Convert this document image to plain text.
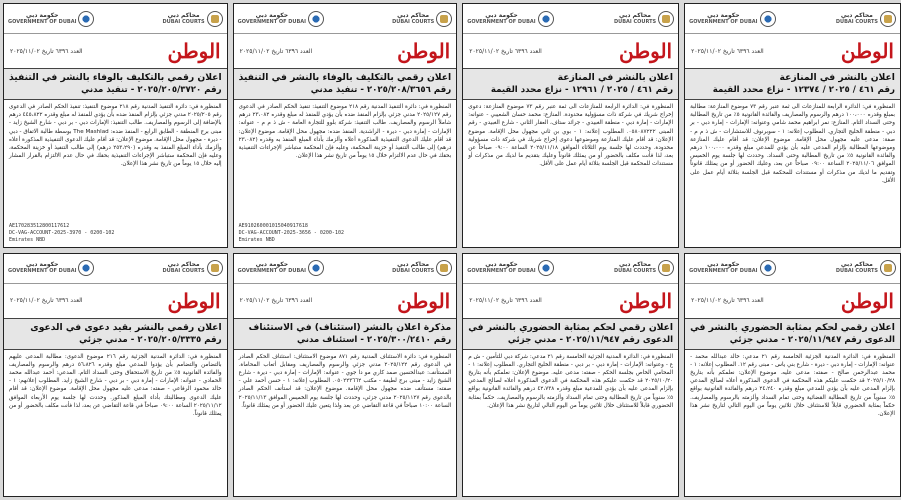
حكومة دبي
GOVERNMENT OF DUBAI
محاكم دبي
DUBAI COURTS
الوطن
العدد ٦٣٩٦ تاريخ ٢٠٢٥/١١/٠٢
اعلان رقمي بالتكليف بالوفاء بالنشر في التنفيذ
رقم ٢٠٢٥/٢٠٥/٣٧٢٠ - تنفيذ مدني
المنظورة في: دائرة التنفيذ المدنية رقم ٢١٨ موضوع التنفيذ: تنفيذ الحكم الصادر في الدعوى رقم ٢٠٢٥/٢٠٥ مدني جزئي بإلزام المنفذ ضده بأن يؤدي للمنفذ له مبلغ وقدره ٤٤٥،٨٢٢ درهم بالإضافة إلى الرسوم والمصاريف. طالب التنفيذ: الإمارات دبي - بر دبي - شارع الشيخ زايد - مبنى برج المنطقة - الطابق الرابع - المنفذ ضده: The Mashlad بوسطة طالبة الاتفاق - دبي - ديرة - مجهول محل الإقامة. موضوع الإعلان: قد أقام عليك الدعوى التنفيذية المذكورة أعلاه وألزمك بأداء المبلغ المنفذ به وقدره (٢٥٣،٢٩٠ درهم) إلى طالب التنفيذ أو خزينة المحكمة، وعليه فإن المحكمة ستباشر الإجراءات التنفيذية بحقك في حال عدم الالتزام بالقرار المشار إليه خلال ١٥ يوماً من تاريخ نشر هذا الإعلان.
AE170283512800117612
DC-VAG-ACCOUNT-2025-3970 - 0200-102
Emirates NBD
حكومة دبي
GOVERNMENT OF DUBAI
محاكم دبي
DUBAI COURTS
الوطن
العدد ٦٣٩٦ تاريخ ٢٠٢٥/١١/٠٢
اعلان رقمي بالتكليف بالوفاء بالنشر في التنفيذ
رقم ٢٠٢٥/٢٠٨/٣٦٥٦ - تنفيذ مدني
المنظورة في: دائرة التنفيذ المدنية رقم ٢١٨ موضوع التنفيذ: تنفيذ الحكم الصادر في الدعوى رقم ٢٠٢٥/١٢٧ مدني جزئي بإلزام المنفذ ضده بأن يؤدي للمنفذ له مبلغ وقدره ٢٣،٠٨٢ درهم شاملاً الرسوم والمصاريف. طالب التنفيذ: شركة بلوو للتجارة العامة - ش ذ م م - عنوانه: الإمارات - إمارة دبي - ديرة - الراشدية. المنفذ ضده: مجهول محل الإقامة. موضوع الإعلان: قد أقام عليك الدعوى التنفيذية المذكورة أعلاه وألزمك بأداء المبلغ المنفذ به وقدره (٢٣،٠٨٢ درهم) إلى طالب التنفيذ أو خزينة المحكمة، وعليه فإن المحكمة ستباشر الإجراءات التنفيذية بحقك في حال عدم الالتزام خلال ١٥ يوماً من تاريخ نشر هذا الإعلان.
AE910260001015040917618
DC-VAG-ACCOUNT-2025-3656 - 0200-102
Emirates NBD
حكومة دبي
GOVERNMENT OF DUBAI
محاكم دبي
DUBAI COURTS
الوطن
العدد ٦٣٩٦ تاريخ ٢٠٢٥/١١/٠٢
اعلان بالنشر في المنازعة
رقم ٤٦١ / ٢٠٢٥ / ١٢٩٦١ - نزاع محدد القيمة
المنظورة في: الدائرة الرابعة للمنازعات الى ثمة عنبر رقم ٧٣ موضوع المنازعة: دعوى إخراج شريك في شركة ذات مسؤولية محدودة. المنازع: محمد حسان الشعيبي - عنوانه: الإمارات - إمارة دبي - منطقة الغبيدي - جرائد ستاف، العقار الثاني - شارع الغبيدي - رقم المبنى ٠٥٨٠٨٧٢٢٢. المطلوب إعلانه: ١ - بوي بن ثاني مجهول محل الإقامة. موضوع الإعلان: قد أقام عليك المنازعة وموضوعها دعوى إخراج شريك في شركة ذات مسؤولية محدودة. وحددت لها جلسة يوم الثلاثاء الموافق ٢٠٢٥/١١/١٨ الساعة ٠٩:٠٠ صباحاً عن بعد، لذا فأنت مكلف بالحضور أو من يمثلك قانوناً وعليك بتقديم ما لديك من مذكرات أو مستندات للمحكمة قبل الجلسة بثلاثة أيام عمل على الأقل.
حكومة دبي
GOVERNMENT OF DUBAI
محاكم دبي
DUBAI COURTS
الوطن
العدد ٦٣٩٦ تاريخ ٢٠٢٥/١١/٠٢
اعلان بالنشر في المنازعة
رقم ٤٦١ / ٢٠٢٥ / ١٢٣٧٤ - نزاع محدد القيمة
المنظورة في: الدائرة الرابعة للمنازعات الى ثمة عنبر رقم ٧٣ موضوع المنازعة: مطالبة بمبلغ وقدره ١٠٠،٠٠٠ درهم والرسوم والمصاريف والفائدة القانونية ٥٪ من تاريخ المطالبة وحتى السداد التام. المنازع: نمر ابراهيم محمد شامي وعنوانه: الإمارات - إمارة دبي - بر دبي - منطقة الخليج التجاري. المطلوب إعلانه: ١ - سوبرنوف للاستشارات - ش ذ م م - صفة: مدعى عليه مجهول محل الإقامة. موضوع الإعلان: قد أقام عليك المنازعة وموضوعها المطالبة بإلزام المدعى عليه بأن يؤدي للمدعي مبلغ وقدره ١٠٠،٠٠٠ درهم والفائدة القانونية ٥٪ من تاريخ المطالبة وحتى السداد. وحددت لها جلسة يوم الخميس الموافق ٢٠٢٥/١١/٠٦ الساعة ٠٩:٠٠ صباحاً عن بعد، وعليك الحضور أو من يمثلك قانوناً وتقديم ما لديك من مذكرات أو مستندات للمحكمة قبل الجلسة بثلاثة أيام عمل على الأقل.
حكومة دبي
GOVERNMENT OF DUBAI
محاكم دبي
DUBAI COURTS
الوطن
العدد ٦٣٩٦ تاريخ ٢٠٢٥/١١/٠٢
اعلان رقمي بالنشر بقيد دعوى في الدعوى
رقم ٢٠٢٥/٢٠٥/٣٣٣٥ - مدني جزئي
المنظورة في: الدائرة المدنية الجزئية رقم ٢١٦ موضوع الدعوى: مطالبة المدعى عليهم بالتضامن والتضامم بأن يؤدوا للمدعي مبلغ وقدره ٥٦،٨٢٦ درهم والرسوم والمصاريف والفائدة القانونية ٥٪ من تاريخ الاستحقاق وحتى السداد التام. المدعي: أحمد عبدالله محمد الحمادي - عنوانه: الإمارات - إمارة دبي - بر دبي - شارع الشيخ زايد. المطلوب إعلانهم: ١ - خالد محمود الرفاعي - صفته: مدعى عليه مجهول محل الإقامة. موضوع الإعلان: قد أقام عليك الدعوى ومطالبتك بأداء المبلغ المذكور. وحددت لها جلسة يوم الأربعاء الموافق ٢٠٢٥/١١/١٢ الساعة ٠٩:٠٠ صباحاً في قاعة التقاضي عن بعد، لذا فأنت مكلف بالحضور أو من يمثلك قانوناً.
حكومة دبي
GOVERNMENT OF DUBAI
محاكم دبي
DUBAI COURTS
الوطن
العدد ٦٣٩٦ تاريخ ٢٠٢٥/١١/٠٢
مذكرة اعلان بالنشر (استئناف) في الاستئناف
رقم ٢٠٢٥/٣٠٠/٢٤١٠ - استئناف مدني
المنظورة في: دائرة الاستئناف المدنية رقم ٨٧١ موضوع الاستئناف: استئناف الحكم الصادر في الدعوى رقم ٢٠٢٥/١٢٢ مدني جزئي والرسوم والمصاريف ومقابل أتعاب المحاماة. المستأنف: عبدالحسين صمد كاري مو دا جوي - عنوانه: الإمارات - إمارة دبي - ديرة - شارع الشيخ زايد - مبنى برج لطيفة - مكتب ٠٥٠٢٢٣٦٦٢. المطلوب إعلانه: ١ - حسن أحمد علي - صفته: مستأنف ضده مجهول محل الإقامة. موضوع الإعلان: قد استأنف الحكم الصادر بالدعوى رقم ٢٠٢٥/١١٢٧ مدني جزئي، وحددت لها جلسة يوم الخميس الموافق ٢٠٢٥/١١/١٣ الساعة ١٠:٠٠ صباحاً في قاعة التقاضي عن بعد ولذا يتعين عليك الحضور أو من يمثلك قانوناً.
حكومة دبي
GOVERNMENT OF DUBAI
محاكم دبي
DUBAI COURTS
الوطن
العدد ٦٣٩٦ تاريخ ٢٠٢٥/١١/٠٢
اعلان رقمي لحكم بمثابة الحضوري بالنشر في
الدعوى رقم ٢٠٢٥/١١/٩٤٧ - مدني جزئي
المنظورة في: الدائرة المدنية الجزئية الخامسة رقم ٢١ مدعي: شركة دبي للتأمين - ش م ع - وعنوانه: الإمارات - إمارة دبي - بر دبي - منطقة الخليج التجاري. المطلوب إعلانه: ١ - المحامي الخاص بجلسة الحكم - صفته: مدعى عليه. موضوع الإعلان: نعلمكم بأنه بتاريخ ٢٠٢٥/١٠/٢٠ قد حكمت عليكم هذه المحكمة في الدعوى المذكورة أعلاه لصالح المدعي بإلزام المدعى عليه بأن يؤدي للمدعية مبلغ وقدره ٤٢،٧٣٨ درهم والفائدة القانونية بواقع ٥٪ سنوياً من تاريخ المطالبة وحتى تمام السداد وألزمته بالرسوم والمصاريف. حكماً بمثابة الحضوري قابلاً للاستئناف خلال ثلاثين يوماً من اليوم التالي لتاريخ نشر هذا الإعلان.
حكومة دبي
GOVERNMENT OF DUBAI
محاكم دبي
DUBAI COURTS
الوطن
العدد ٦٣٩٦ تاريخ ٢٠٢٥/١١/٠٢
اعلان رقمي لحكم بمثابة الحضوري بالنشر في
الدعوى رقم ٢٠٢٥/١١/٩٤٧ - مدني جزئي
المنظورة في: الدائرة المدنية الجزئية الخامسة رقم ٢١ مدعي: خالد عبدالله محمد - عنوانه: الإمارات - إمارة دبي - ديرة - شارع بني ياس - مبنى رقم ١٢. المطلوب إعلانه: ١ - محمد عبدالرحمن صالح - صفته: مدعى عليه. موضوع الإعلان: نعلمكم بأنه بتاريخ ٢٠٢٥/١٠/٢٨ قد حكمت عليكم هذه المحكمة في الدعوى المذكورة أعلاه لصالح المدعي بإلزام المدعى عليه بأن يؤدي للمدعي مبلغ وقدره ٢٤،٢٤٠ درهم والفائدة القانونية بواقع ٥٪ سنوياً من تاريخ المطالبة القضائية وحتى تمام السداد وألزمته بالرسوم والمصاريف. حكماً بمثابة الحضوري قابلاً للاستئناف خلال ثلاثين يوماً من اليوم التالي لتاريخ نشر هذا الإعلان.
